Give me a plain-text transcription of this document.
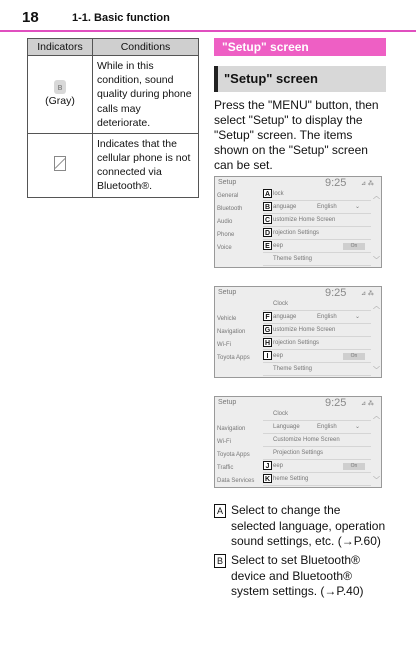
18	1-1. Basic function
Indicators	Conditions
ʙ
(Gray)	While in this condition, sound quality during phone calls may deteriorate.
	Indicates that the cellular phone is not connected via Bluetooth®.
"Setup" screen
"Setup" screen
Press the "MENU" button, then select "Setup" to display the "Setup" screen. The items shown on the "Setup" screen can be set.
Setup	9:25 ⊿ ⁂
General
Bluetooth
Audio
Phone
Voice
A lock
B anguage	English	⌄
C ustomize Home Screen
D rojection Settings
E eep	On
Theme Setting
︿
﹀
Setup	9:25 ⊿ ⁂
Vehicle
Navigation
Wi-Fi
Toyota Apps
Clock
F anguage	English	⌄
G ustomize Home Screen
H rojection Settings
I eep	On
Theme Setting
︿
﹀
Setup	9:25 ⊿ ⁂
Navigation
Wi-Fi
Toyota Apps
Traffic
Data Services
Clock
Language	English	⌄
Customize Home Screen
Projection Settings
J eep	On
K heme Setting
︿
﹀
A Select to change the selected language, operation sound settings, etc. (→P.60)
B Select to set Bluetooth® device and Bluetooth® system settings. (→P.40)
